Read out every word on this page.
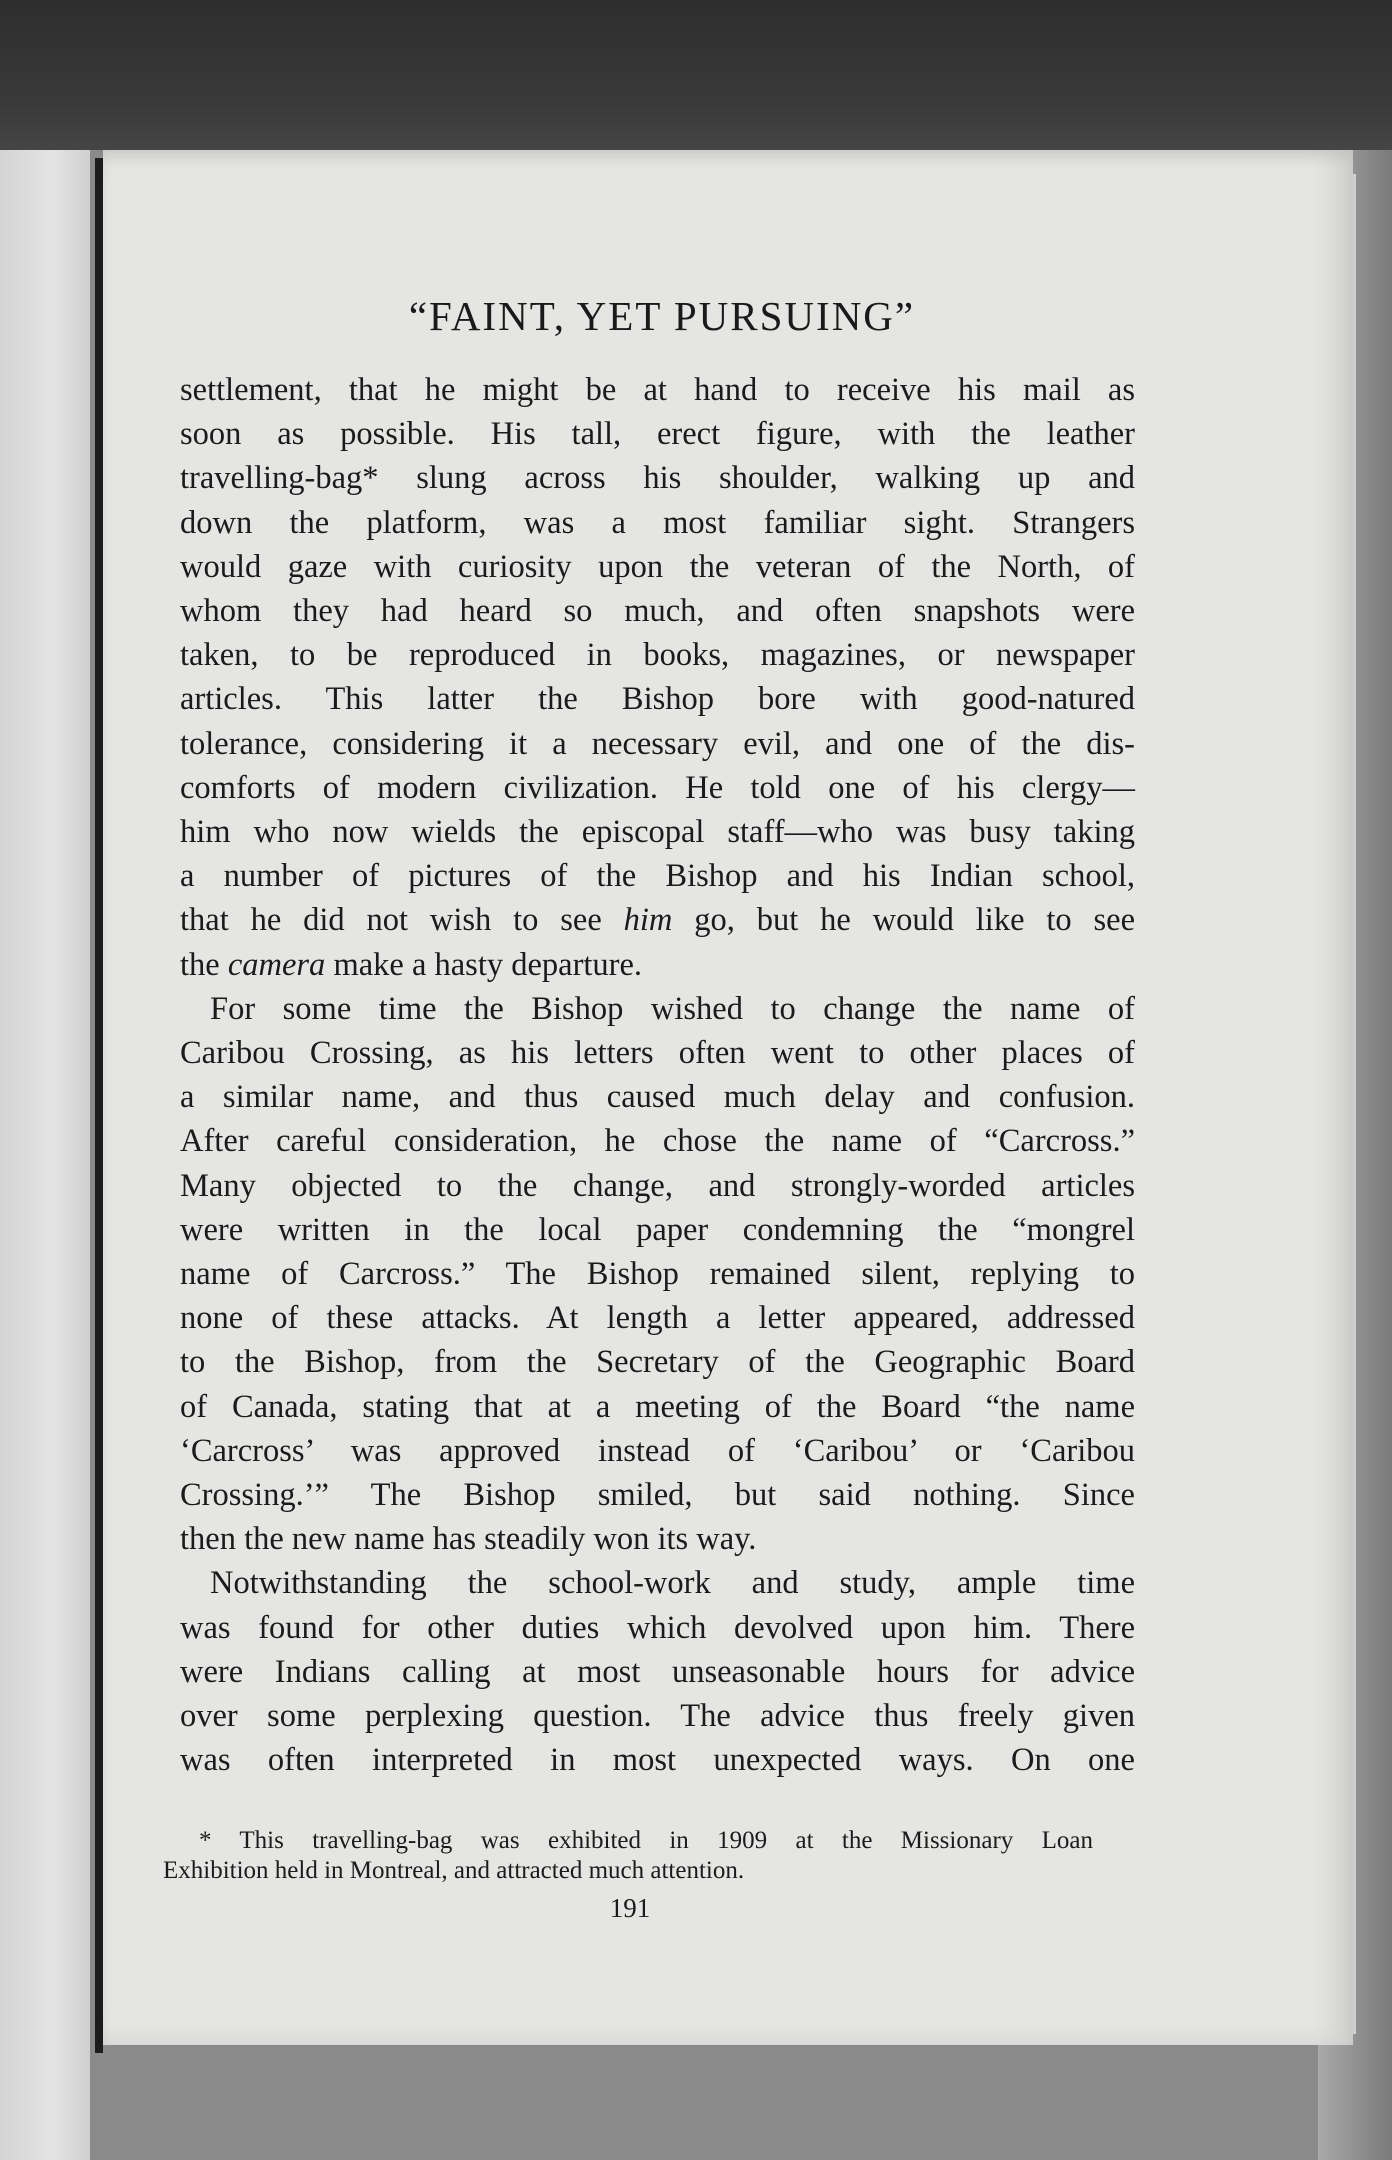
“FAINT, YET PURSUING”
settlement, that he might be at hand to receive his mail as
soon as possible. His tall, erect figure, with the leather
travelling-bag* slung across his shoulder, walking up and
down the platform, was a most familiar sight. Strangers
would gaze with curiosity upon the veteran of the North, of
whom they had heard so much, and often snapshots were
taken, to be reproduced in books, magazines, or newspaper
articles. This latter the Bishop bore with good-natured
tolerance, considering it a necessary evil, and one of the dis-
comforts of modern civilization. He told one of his clergy—
him who now wields the episcopal staff—who was busy taking
a number of pictures of the Bishop and his Indian school,
that he did not wish to see him go, but he would like to see
the camera make a hasty departure.
For some time the Bishop wished to change the name of
Caribou Crossing, as his letters often went to other places of
a similar name, and thus caused much delay and confusion.
After careful consideration, he chose the name of “Carcross.”
Many objected to the change, and strongly-worded articles
were written in the local paper condemning the “mongrel
name of Carcross.” The Bishop remained silent, replying to
none of these attacks. At length a letter appeared, addressed
to the Bishop, from the Secretary of the Geographic Board
of Canada, stating that at a meeting of the Board “the name
‘Carcross’ was approved instead of ‘Caribou’ or ‘Caribou
Crossing.’” The Bishop smiled, but said nothing. Since
then the new name has steadily won its way.
Notwithstanding the school-work and study, ample time
was found for other duties which devolved upon him. There
were Indians calling at most unseasonable hours for advice
over some perplexing question. The advice thus freely given
was often interpreted in most unexpected ways. On one
* This travelling-bag was exhibited in 1909 at the Missionary Loan
Exhibition held in Montreal, and attracted much attention.
191
